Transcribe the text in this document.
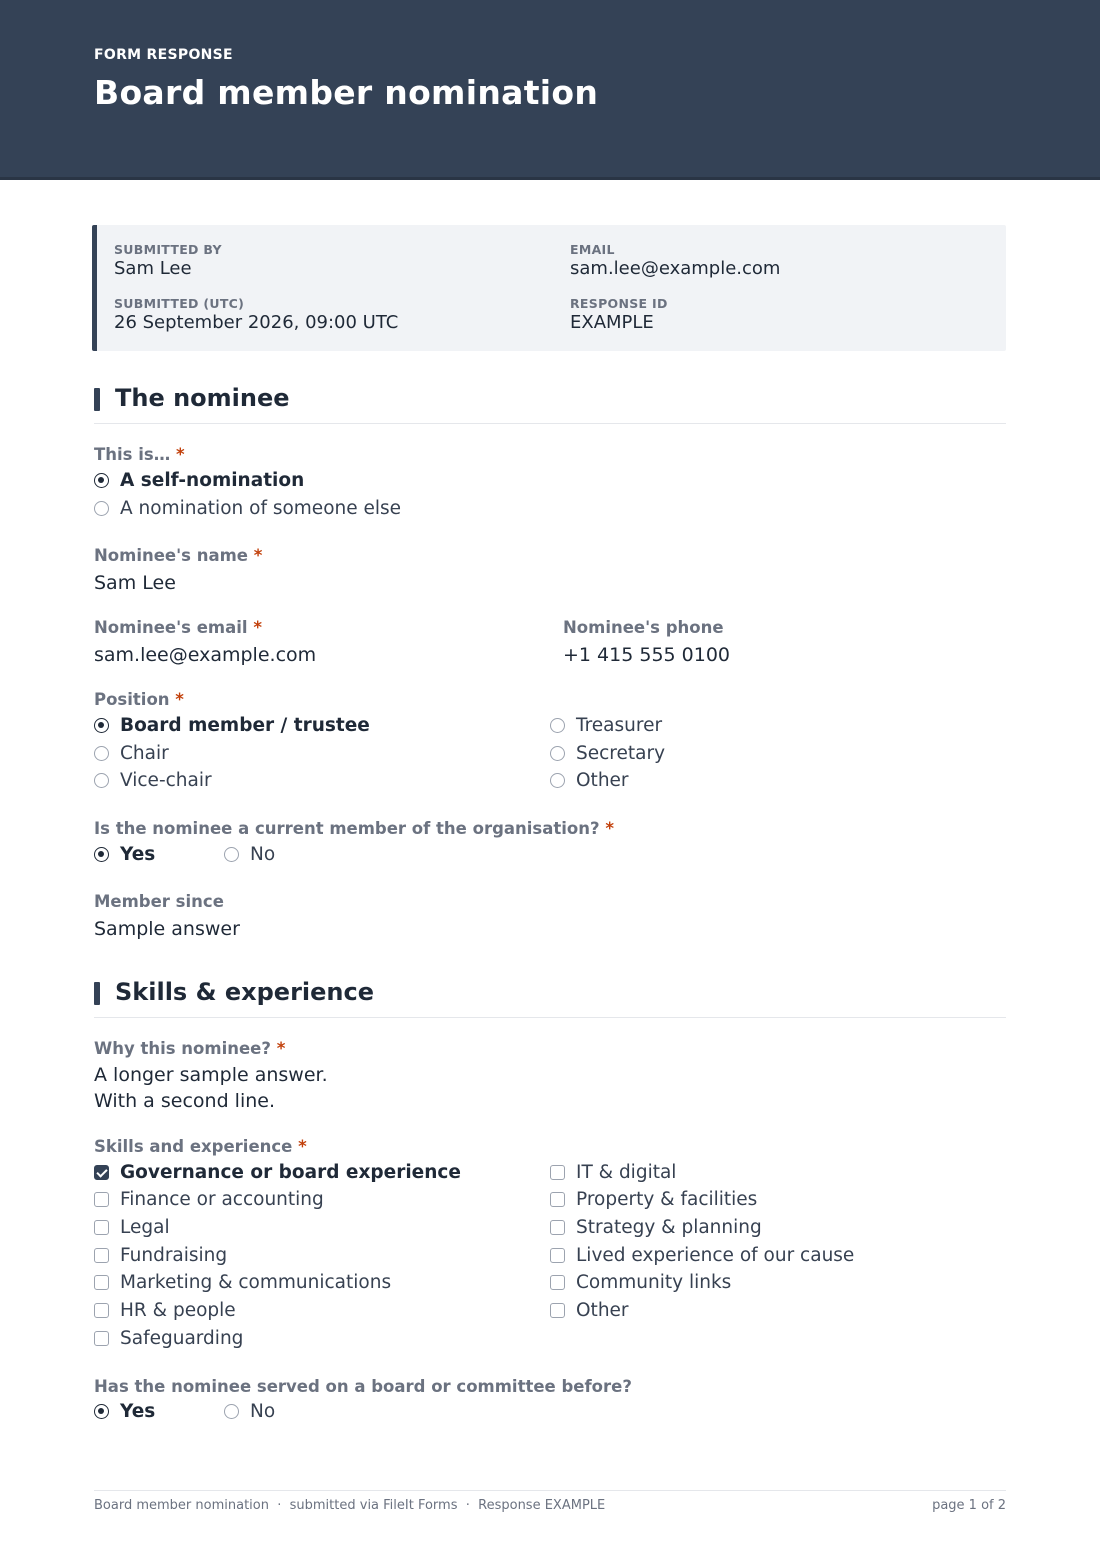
FORM RESPONSE
Board member nomination
SUBMITTED BY
Sam Lee
EMAIL
sam.lee@example.com
SUBMITTED (UTC)
26 September 2026, 09:00 UTC
RESPONSE ID
EXAMPLE
The nominee
This is… *
A self-nomination
A nomination of someone else
Nominee's name *
Sam Lee
Nominee's email *
sam.lee@example.com
Nominee's phone
+1 415 555 0100
Position *
Board member / trustee
Chair
Vice-chair
Treasurer
Secretary
Other
Is the nominee a current member of the organisation? *
Yes	No
Member since
Sample answer
Skills & experience
Why this nominee? *
A longer sample answer.
With a second line.
Skills and experience *
Governance or board experience
Finance or accounting
Legal
Fundraising
Marketing & communications
HR & people
Safeguarding
IT & digital
Property & facilities
Strategy & planning
Lived experience of our cause
Community links
Other
Has the nominee served on a board or committee before?
Yes	No
Board member nomination  ·  submitted via FileIt Forms  ·  Response EXAMPLE	page 1 of 2
